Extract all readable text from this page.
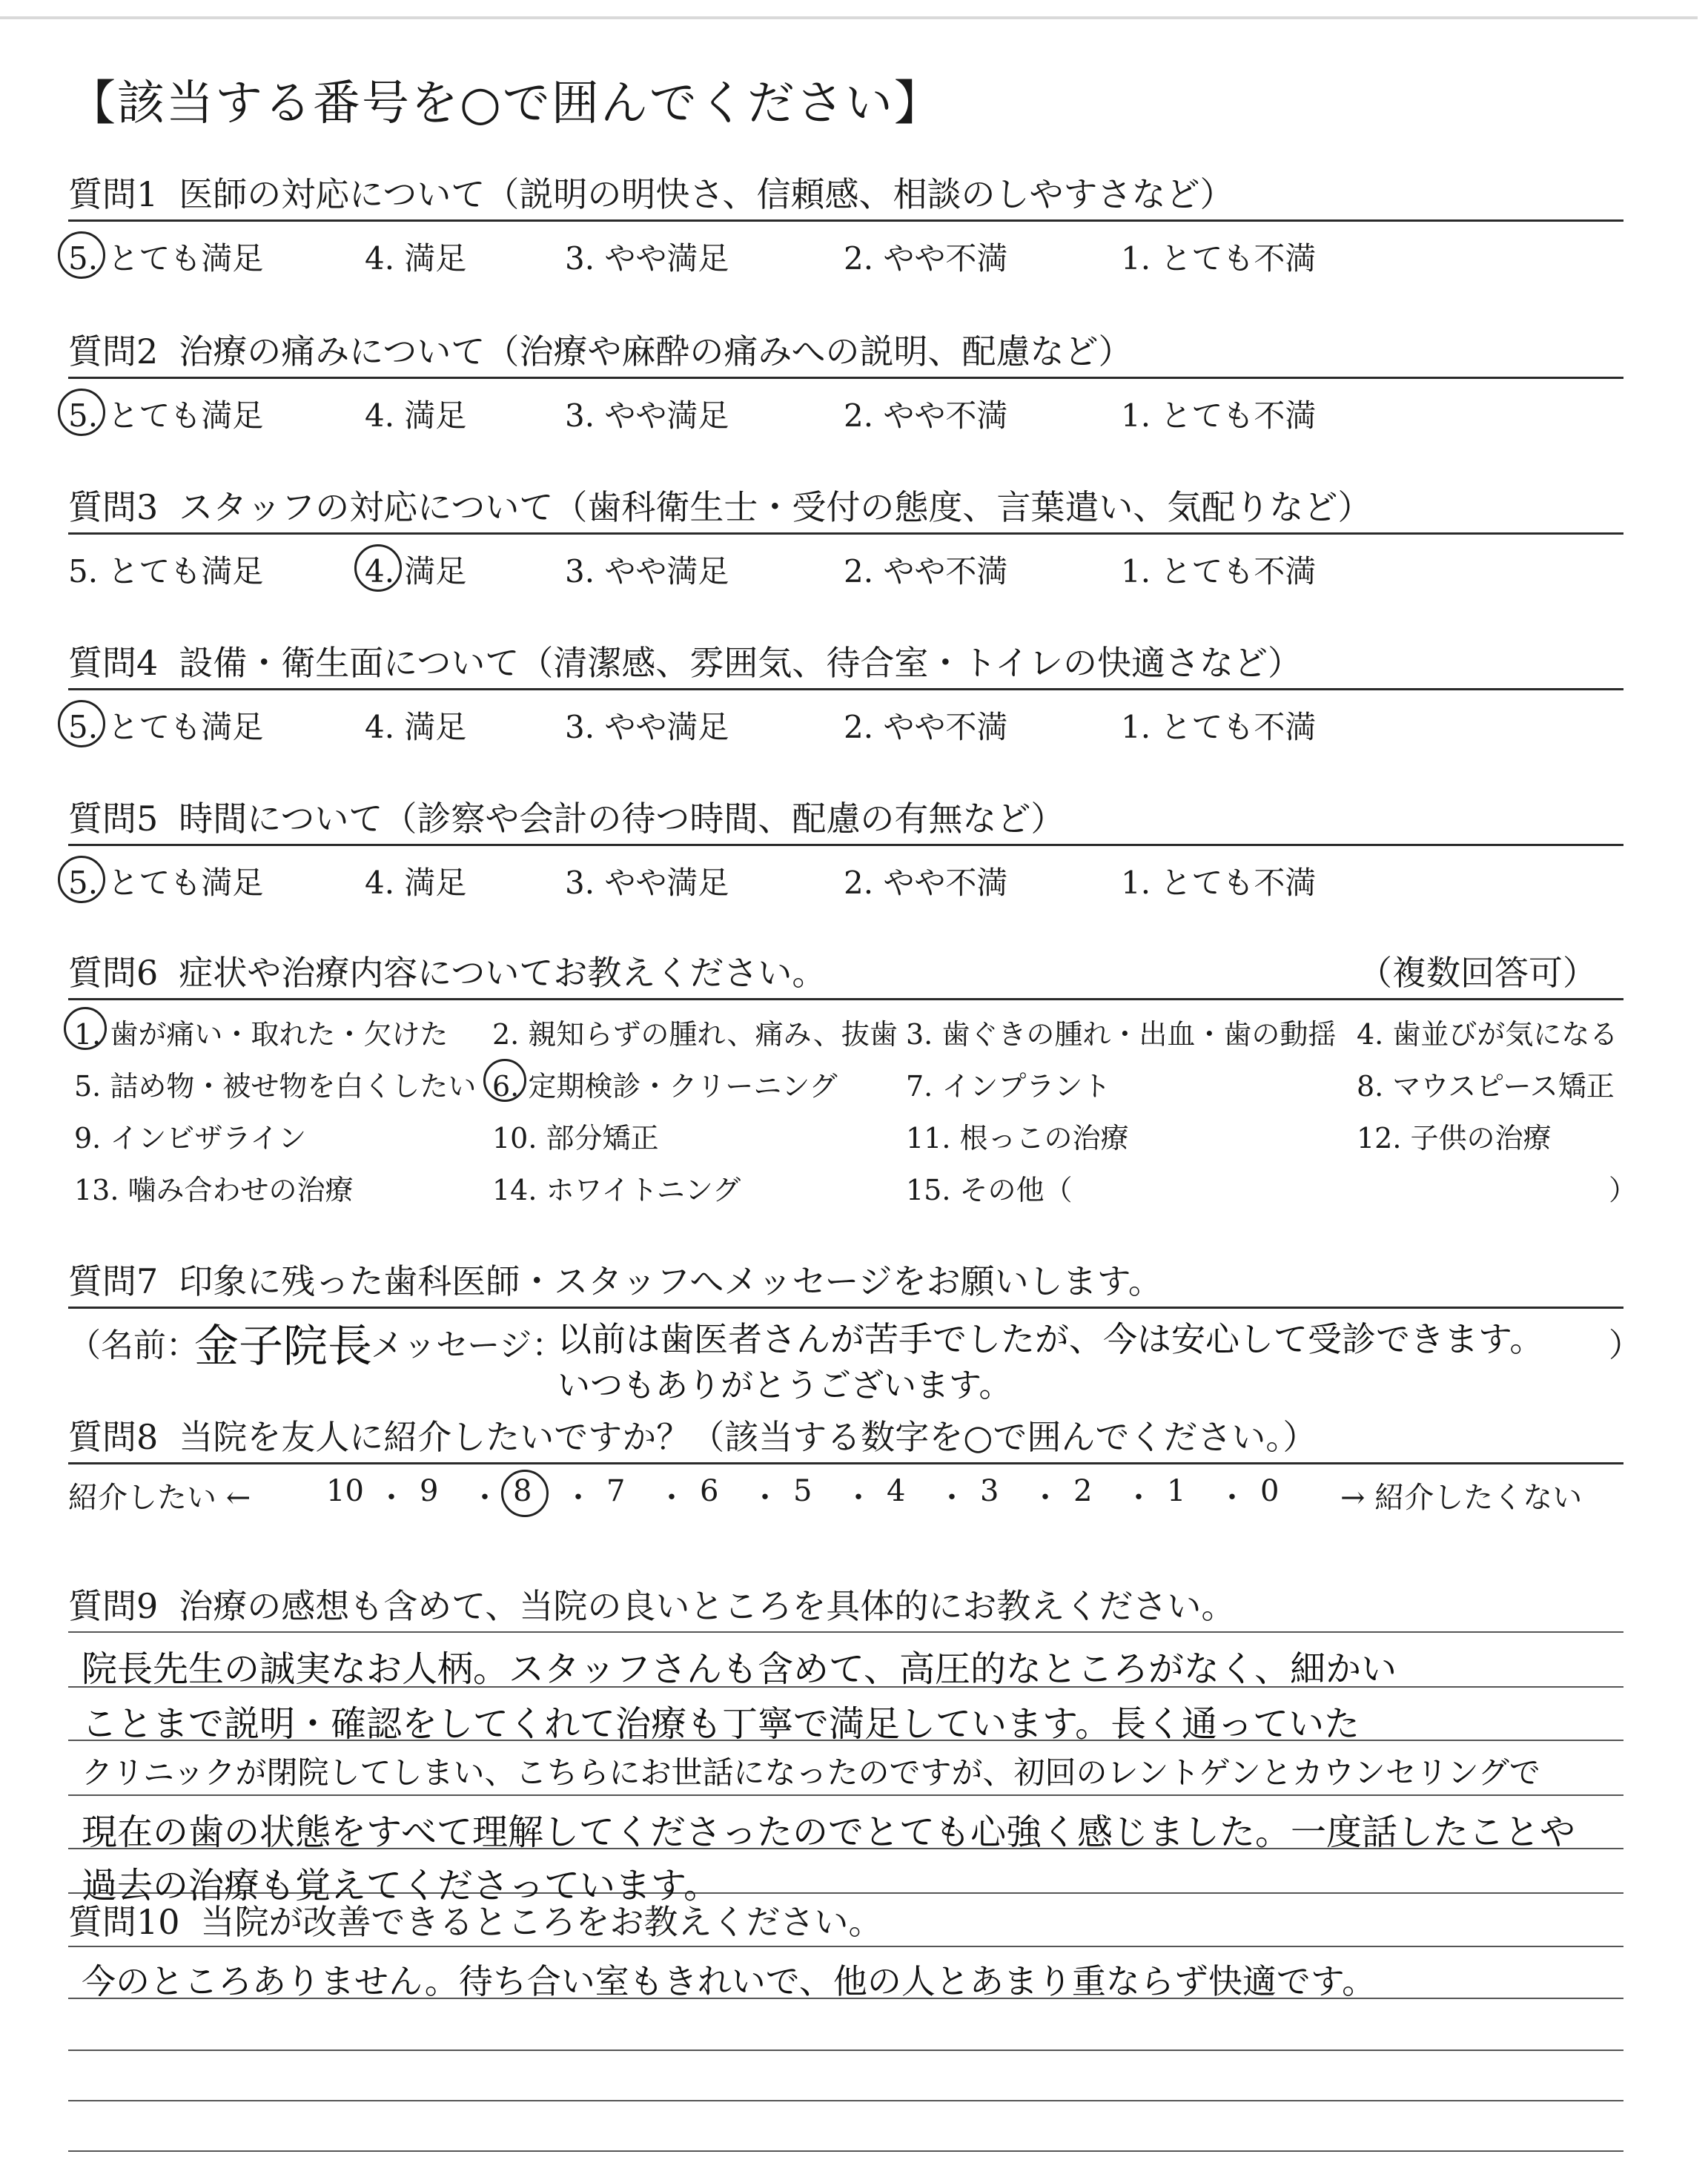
【該当する番号を○で囲んでください】
質問1 医師の対応について（説明の明快さ、信頼感、相談のしやすさなど）
5. とても満足	4. 満足	3. やや満足	2. やや不満	1. とても不満
質問2 治療の痛みについて（治療や麻酔の痛みへの説明、配慮など）
5. とても満足	4. 満足	3. やや満足	2. やや不満	1. とても不満
質問3 スタッフの対応について（歯科衛生士・受付の態度、言葉遣い、気配りなど）
5. とても満足	4. 満足	3. やや満足	2. やや不満	1. とても不満
質問4 設備・衛生面について（清潔感、雰囲気、待合室・トイレの快適さなど）
5. とても満足	4. 満足	3. やや満足	2. やや不満	1. とても不満
質問5 時間について（診察や会計の待つ時間、配慮の有無など）
5. とても満足	4. 満足	3. やや満足	2. やや不満	1. とても不満
質問6 症状や治療内容についてお教えください。	（複数回答可）
1. 歯が痛い・取れた・欠けた 2. 親知らずの腫れ、痛み、抜歯 3. 歯ぐきの腫れ・出血・歯の動揺 4. 歯並びが気になる
5. 詰め物・被せ物を白くしたい 6. 定期検診・クリーニング 7. インプラント	8. マウスピース矯正
9. インビザライン	10. 部分矯正	11. 根っこの治療	12. 子供の治療
13. 噛み合わせの治療	14. ホワイトニング	15. その他（	）
質問7 印象に残った歯科医師・スタッフへメッセージをお願いします。
（名前：
金子院長
メッセージ：
以前は歯医者さんが苦手でしたが、今は安心して受診できます。 ）
いつもありがとうございます。
質問8 当院を友人に紹介したいですか？（該当する数字を○で囲んでください。）
紹介したい ←	10 ・ 9 ・ 8 ・ 7 ・ 6 ・ 5 ・ 4 ・ 3 ・ 2 ・ 1 ・ 0 → 紹介したくない
質問9 治療の感想も含めて、当院の良いところを具体的にお教えください。
院長先生の誠実なお人柄。スタッフさんも含めて、高圧的なところがなく、細かい
ことまで説明・確認をしてくれて治療も丁寧で満足しています。長く通っていた
クリニックが閉院してしまい、こちらにお世話になったのですが、初回のレントゲンとカウンセリングで
現在の歯の状態をすべて理解してくださったのでとても心強く感じました。一度話したことや
過去の治療も覚えてくださっています。
質問10 当院が改善できるところをお教えください。
今のところありません。待ち合い室もきれいで、他の人とあまり重ならず快適です。
